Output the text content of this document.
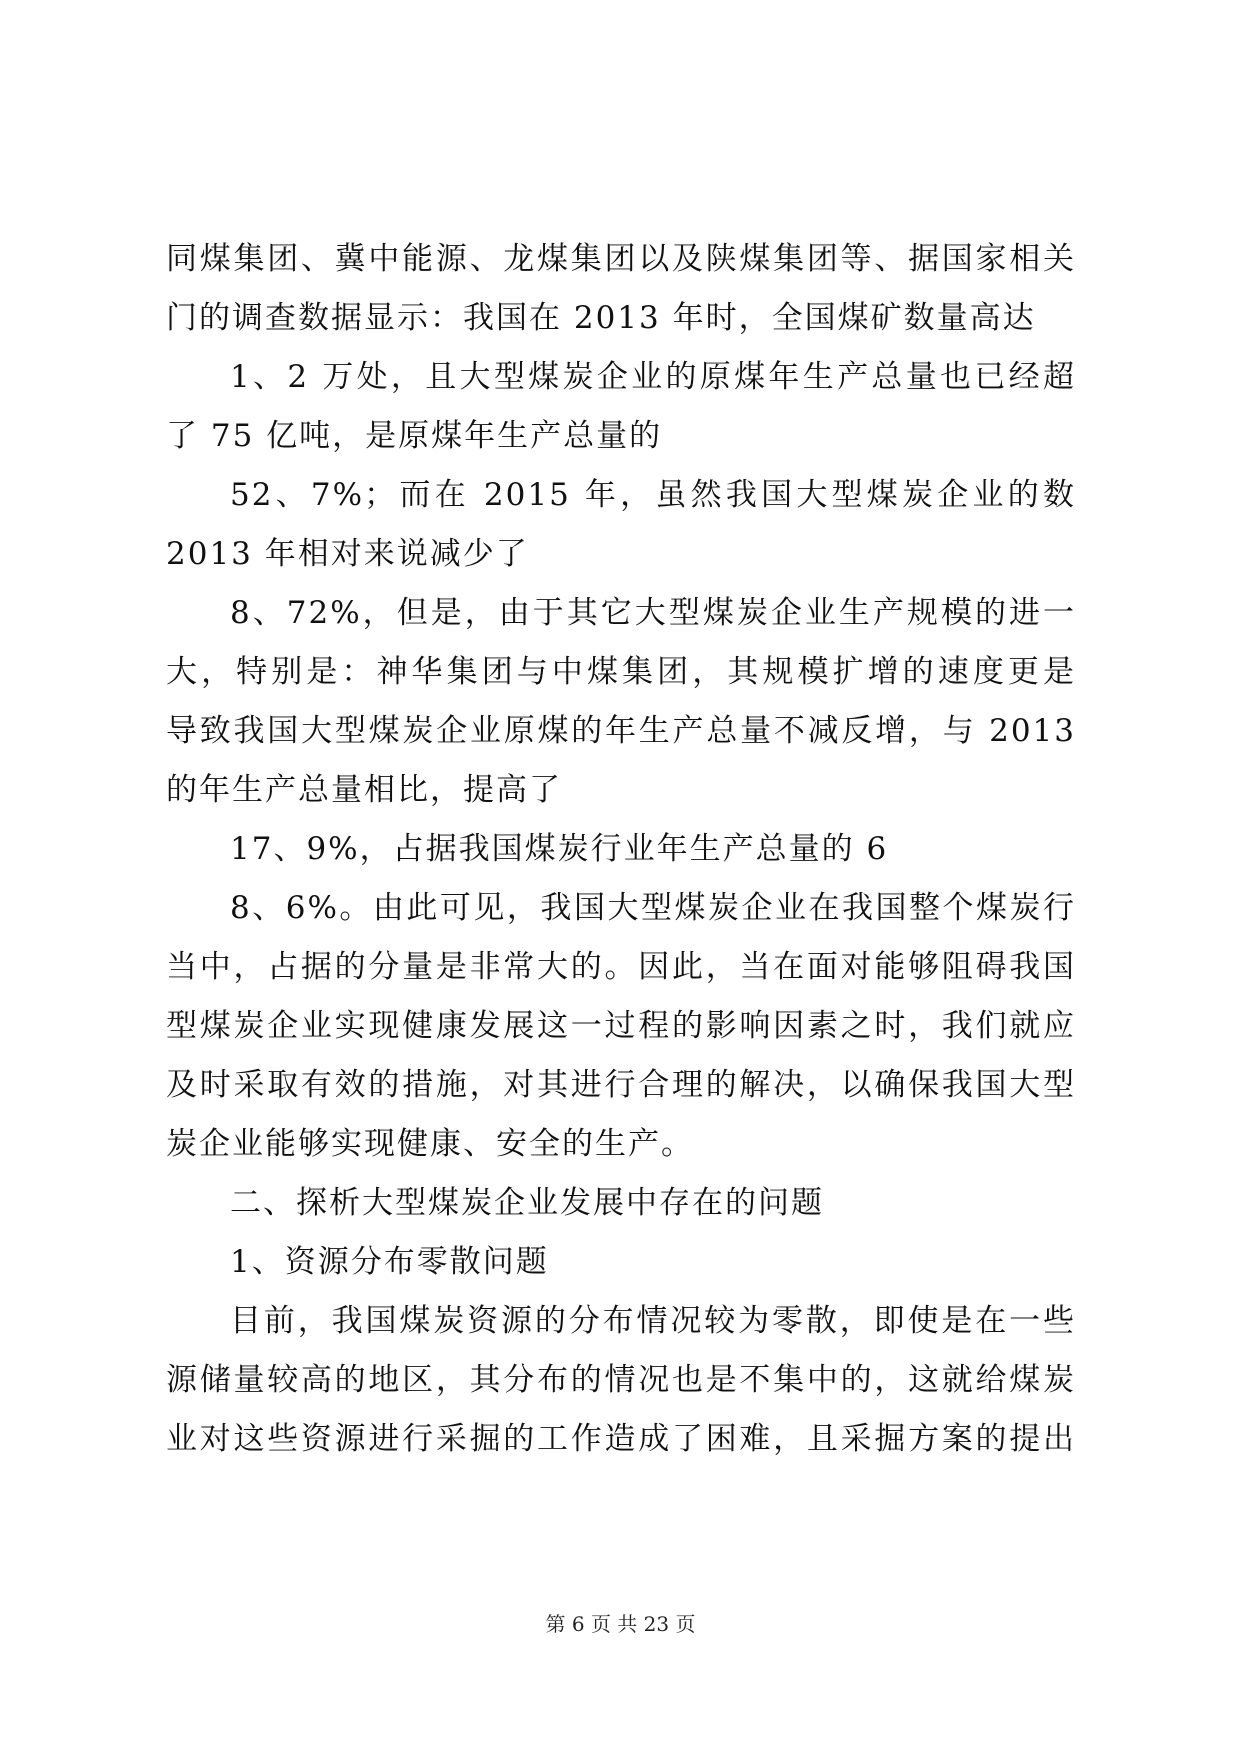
同煤集团、冀中能源、龙煤集团以及陕煤集团等、据国家相关
门的调查数据显示：我国在 2013 年时，全国煤矿数量高达
1、2 万处，且大型煤炭企业的原煤年生产总量也已经超
了 75 亿吨，是原煤年生产总量的
52、7%；而在 2015 年，虽然我国大型煤炭企业的数
2013 年相对来说减少了
8、72%，但是，由于其它大型煤炭企业生产规模的进一
大，特别是：神华集团与中煤集团，其规模扩增的速度更是
导致我国大型煤炭企业原煤的年生产总量不减反增，与 2013
的年生产总量相比，提高了
17、9%，占据我国煤炭行业年生产总量的 6
8、6%。由此可见，我国大型煤炭企业在我国整个煤炭行
当中，占据的分量是非常大的。因此，当在面对能够阻碍我国
型煤炭企业实现健康发展这一过程的影响因素之时，我们就应
及时采取有效的措施，对其进行合理的解决，以确保我国大型
炭企业能够实现健康、安全的生产。
二、探析大型煤炭企业发展中存在的问题
1、资源分布零散问题
目前，我国煤炭资源的分布情况较为零散，即使是在一些
源储量较高的地区，其分布的情况也是不集中的，这就给煤炭
业对这些资源进行采掘的工作造成了困难，且采掘方案的提出
第 6 页 共 23 页
